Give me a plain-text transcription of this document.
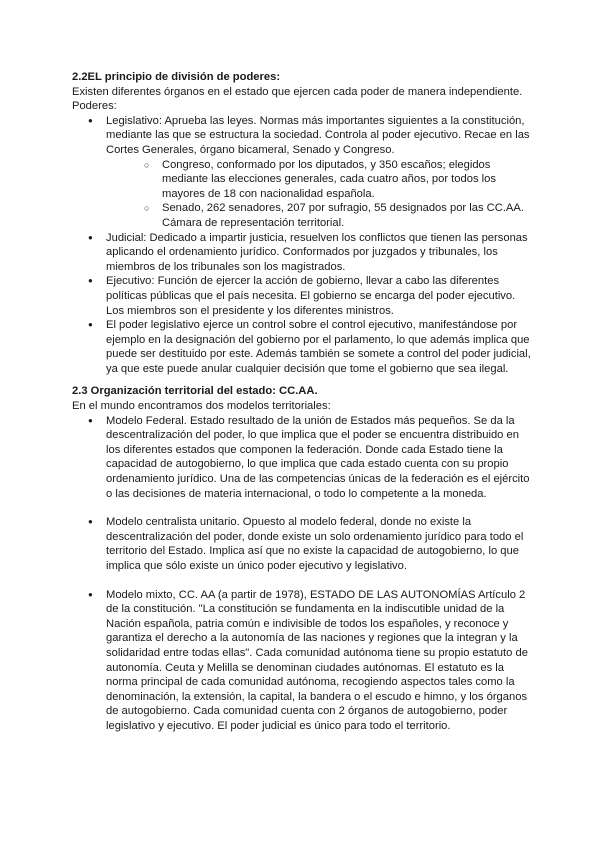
2.2EL principio de división de poderes:

Existen diferentes órganos en el estado que ejercen cada poder de manera independiente. Poderes:

● Legislativo: Aprueba las leyes. Normas más importantes siguientes a la constitución, mediante las que se estructura la sociedad. Controla al poder ejecutivo. Recae en las Cortes Generales, órgano bicameral, Senado y Congreso.
○ Congreso, conformado por los diputados, y 350 escaños; elegidos mediante las elecciones generales, cada cuatro años, por todos los mayores de 18 con nacionalidad española.
○ Senado, 262 senadores, 207 por sufragio, 55 designados por las CC.AA. Cámara de representación territorial.
● Judicial: Dedicado a impartir justicia, resuelven los conflictos que tienen las personas aplicando el ordenamiento jurídico. Conformados por juzgados y tribunales, los miembros de los tribunales son los magistrados.
● Ejecutivo: Función de ejercer la acción de gobierno, llevar a cabo las diferentes políticas públicas que el país necesita. El gobierno se encarga del poder ejecutivo. Los miembros son el presidente y los diferentes ministros.
● El poder legislativo ejerce un control sobre el control ejecutivo, manifestándose por ejemplo en la designación del gobierno por el parlamento, lo que además implica que puede ser destituido por este. Además también se somete a control del poder judicial, ya que este puede anular cualquier decisión que tome el gobierno que sea ilegal.

2.3 Organización territorial del estado: CC.AA.

En el mundo encontramos dos modelos territoriales:

● Modelo Federal. Estado resultado de la unión de Estados más pequeños. Se da la descentralización del poder, lo que implica que el poder se encuentra distribuido en los diferentes estados que componen la federación. Donde cada Estado tiene la capacidad de autogobierno, lo que implica que cada estado cuenta con su propio ordenamiento jurídico. Una de las competencias únicas de la federación es el ejército o las decisiones de materia internacional, o todo lo competente a la moneda.
● Modelo centralista unitario. Opuesto al modelo federal, donde no existe la descentralización del poder, donde existe un solo ordenamiento jurídico para todo el territorio del Estado. Implica así que no existe la capacidad de autogobierno, lo que implica que sólo existe un único poder ejecutivo y legislativo.
● Modelo mixto, CC. AA (a partir de 1978), ESTADO DE LAS AUTONOMÍAS Artículo 2 de la constitución. "La constitución se fundamenta en la indiscutible unidad de la Nación española, patria común e indivisible de todos los españoles, y reconoce y garantiza el derecho a la autonomía de las naciones y regiones que la integran y la solidaridad entre todas ellas". Cada comunidad autónoma tiene su propio estatuto de autonomía. Ceuta y Melilla se denominan ciudades autónomas. El estatuto es la norma principal de cada comunidad autónoma, recogiendo aspectos tales como la denominación, la extensión, la capital, la bandera o el escudo e himno, y los órganos de autogobierno. Cada comunidad cuenta con 2 órganos de autogobierno, poder legislativo y ejecutivo. El poder judicial es único para todo el territorio.
